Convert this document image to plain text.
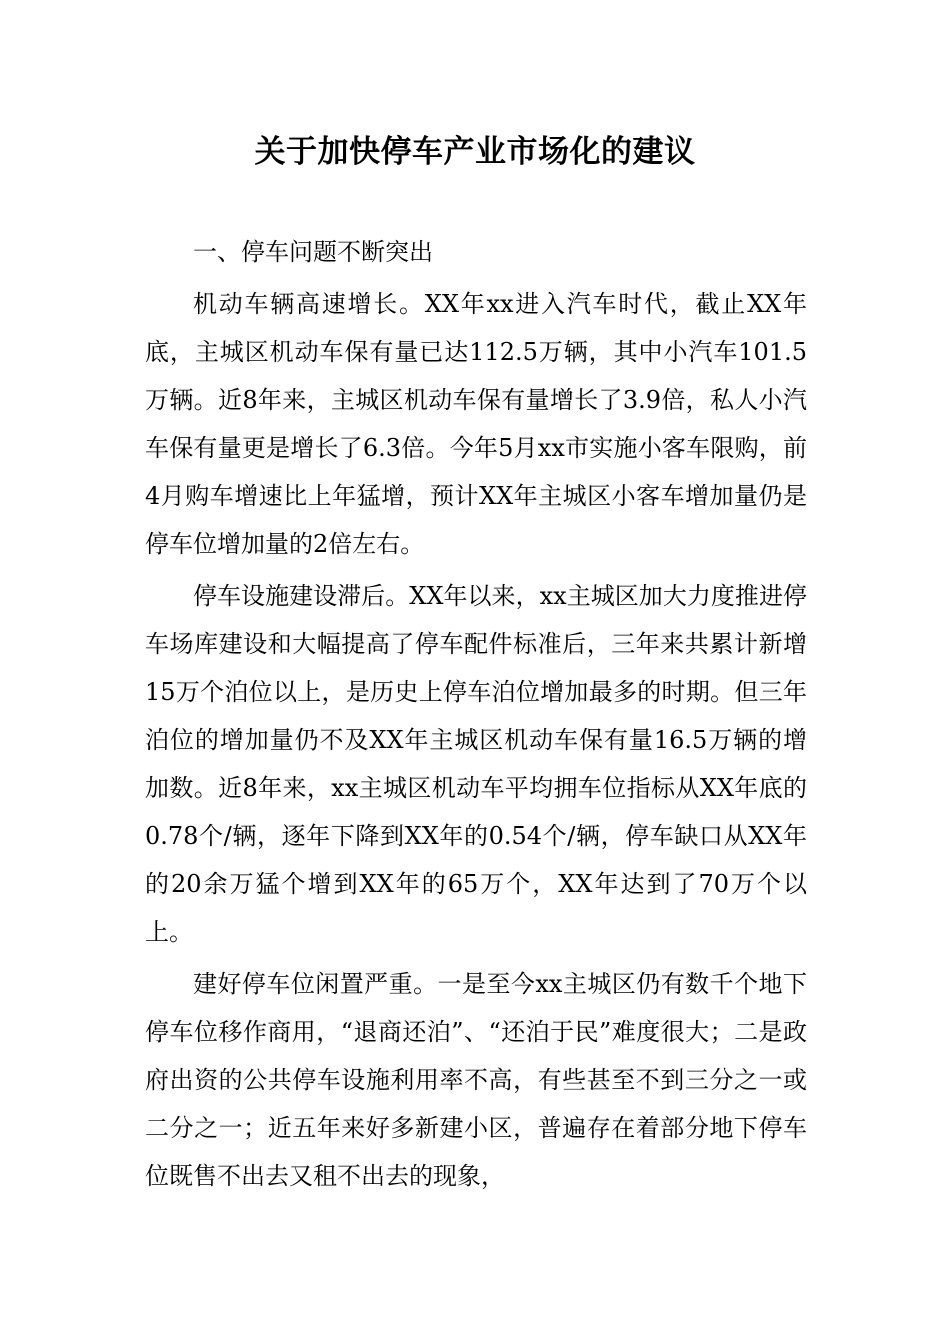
关于加快停车产业市场化的建议

一、停车问题不断突出

机动车辆高速增长。XX年xx进入汽车时代，截止XX年底，主城区机动车保有量已达112.5万辆，其中小汽车101.5万辆。近8年来，主城区机动车保有量增长了3.9倍，私人小汽车保有量更是增长了6.3倍。今年5月xx市实施小客车限购，前4月购车增速比上年猛增，预计XX年主城区小客车增加量仍是停车位增加量的2倍左右。

停车设施建设滞后。XX年以来，xx主城区加大力度推进停车场库建设和大幅提高了停车配件标准后，三年来共累计新增15万个泊位以上，是历史上停车泊位增加最多的时期。但三年泊位的增加量仍不及XX年主城区机动车保有量16.5万辆的增加数。近8年来，xx主城区机动车平均拥车位指标从XX年底的0.78个/辆，逐年下降到XX年的0.54个/辆，停车缺口从XX年的20余万猛个增到XX年的65万个，XX年达到了70万个以上。

建好停车位闲置严重。一是至今xx主城区仍有数千个地下停车位移作商用，“退商还泊”、“还泊于民”难度很大；二是政府出资的公共停车设施利用率不高，有些甚至不到三分之一或二分之一；近五年来好多新建小区，普遍存在着部分地下停车位既售不出去又租不出去的现象，
